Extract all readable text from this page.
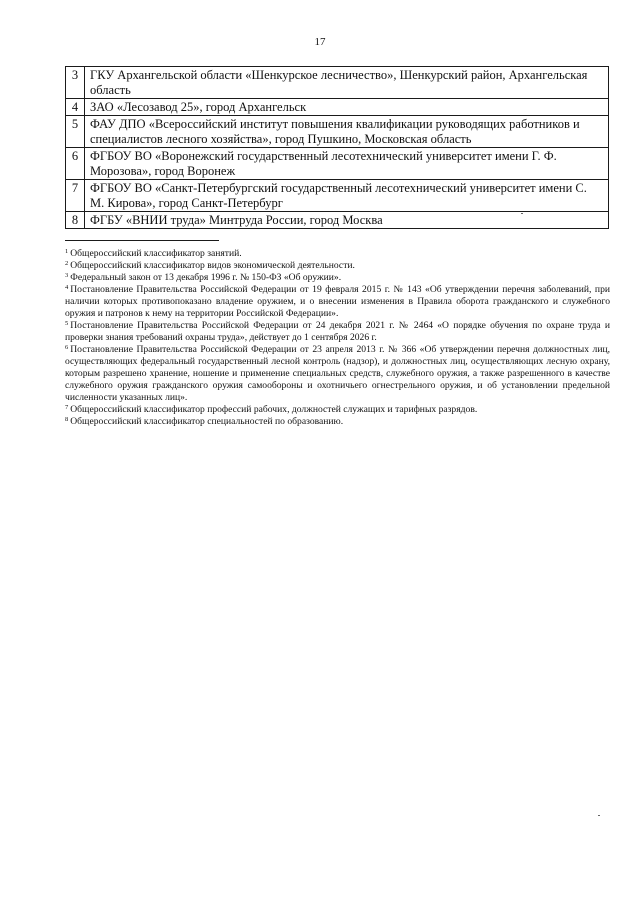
17
3	ГКУ Архангельской области «Шенкурское лесничество», Шенкурский район, Архангельская область
4	ЗАО «Лесозавод 25», город Архангельск
5	ФАУ ДПО «Всероссийский институт повышения квалификации руководящих работников и специалистов лесного хозяйства», город Пушкино, Московская область
6	ФГБОУ ВО «Воронежский государственный лесотехнический университет имени Г. Ф. Морозова», город Воронеж
7	ФГБОУ ВО «Санкт-Петербургский государственный лесотехнический университет имени С. М. Кирова», город Санкт-Петербург
8	ФГБУ «ВНИИ труда» Минтруда России, город Москва

$^1$ Общероссийский классификатор занятий.

$^2$ Общероссийский классификатор видов экономической деятельности.

$^3$ Федеральный закон от 13 декабря 1996 г. № 150-ФЗ «Об оружии».

$^4$ Постановление Правительства Российской Федерации от 19 февраля 2015 г. № 143 «Об утверждении перечня заболеваний, при наличии которых противопоказано владение оружием, и о внесении изменения в Правила оборота гражданского и служебного оружия и патронов к нему на территории Российской Федерации».

$^5$ Постановление Правительства Российской Федерации от 24 декабря 2021 г. № 2464 «О порядке обучения по охране труда и проверки знания требований охраны труда», действует до 1 сентября 2026 г.

$^6$ Постановление Правительства Российской Федерации от 23 апреля 2013 г. № 366 «Об утверждении перечня должностных лиц, осуществляющих федеральный государственный лесной контроль (надзор), и должностных лиц, осуществляющих лесную охрану, которым разрешено хранение, ношение и применение специальных средств, служебного оружия, а также разрешенного в качестве служебного оружия гражданского оружия самообороны и охотничьего огнестрельного оружия, и об установлении предельной численности указанных лиц».

$^7$ Общероссийский классификатор профессий рабочих, должностей служащих и тарифных разрядов.

$^8$ Общероссийский классификатор специальностей по образованию.
